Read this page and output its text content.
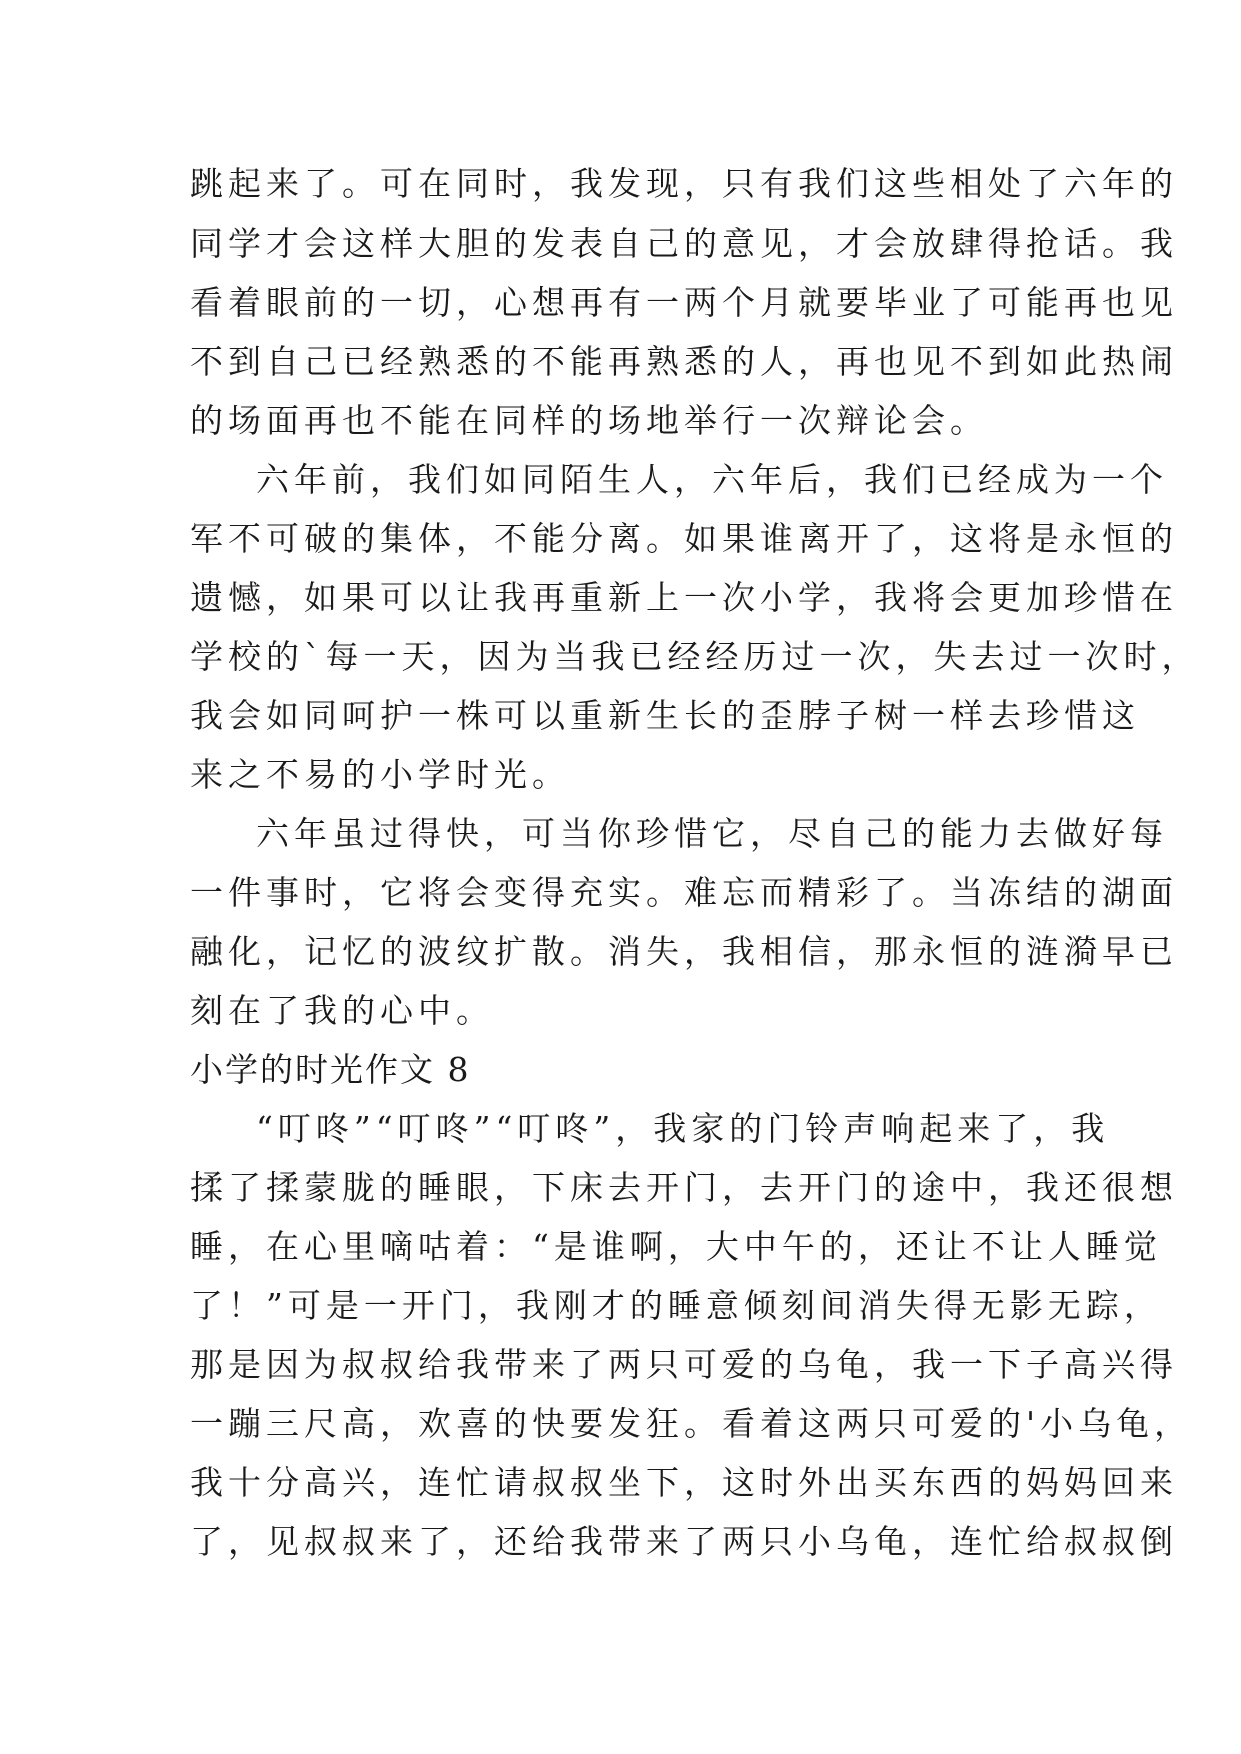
跳起来了。可在同时，我发现，只有我们这些相处了六年的
同学才会这样大胆的发表自己的意见，才会放肆得抢话。我
看着眼前的一切，心想再有一两个月就要毕业了可能再也见
不到自己已经熟悉的不能再熟悉的人，再也见不到如此热闹
的场面再也不能在同样的场地举行一次辩论会。
六年前，我们如同陌生人，六年后，我们已经成为一个
军不可破的集体，不能分离。如果谁离开了，这将是永恒的
遗憾，如果可以让我再重新上一次小学，我将会更加珍惜在
学校的`每一天，因为当我已经经历过一次，失去过一次时，
我会如同呵护一株可以重新生长的歪脖子树一样去珍惜这
来之不易的小学时光。
六年虽过得快，可当你珍惜它，尽自己的能力去做好每
一件事时，它将会变得充实。难忘而精彩了。当冻结的湖面
融化，记忆的波纹扩散。消失，我相信，那永恒的涟漪早已
刻在了我的心中。
小学的时光作文 8
“叮咚”“叮咚”“叮咚”，我家的门铃声响起来了，我
揉了揉蒙胧的睡眼，下床去开门，去开门的途中，我还很想
睡，在心里嘀咕着：“是谁啊，大中午的，还让不让人睡觉
了！”可是一开门，我刚才的睡意倾刻间消失得无影无踪，
那是因为叔叔给我带来了两只可爱的乌龟，我一下子高兴得
一蹦三尺高，欢喜的快要发狂。看着这两只可爱的'小乌龟，
我十分高兴，连忙请叔叔坐下，这时外出买东西的妈妈回来
了，见叔叔来了，还给我带来了两只小乌龟，连忙给叔叔倒
